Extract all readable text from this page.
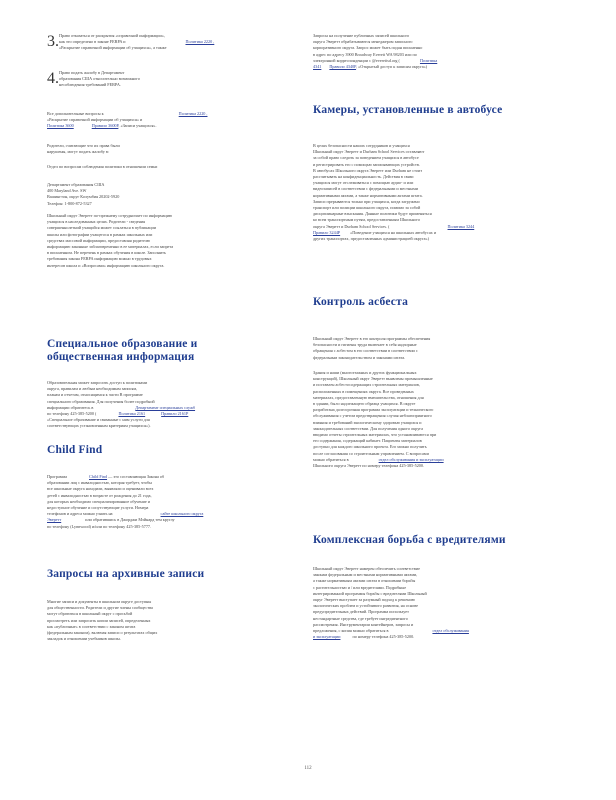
3. Право отказаться от раскрытия «справочной информации»,

как это определено в законе FERPA и	Политика 2220 ,

«Раскрытие справочной информации об учащихся», а также

4. Право подать жалобу в Департамент

образования США относительно возможного

несоблюдения требований FERPA.

Все дополнительные вопросы к	Политика 2220 ,

«Раскрытие справочной информации об учащихся» и

Политика 3600	Правило 3600P, «Записи учащихся».

Родители, считающие что их права были

нарушены, могут подать жалобу в:

Отдел по вопросам соблюдения политики в отношении семьи

Департамент образования США

400 Maryland Ave. SW

Вашингтон, округ Колумбия 20202-5920

Телефон: 1-800-872-5327

Школьный округ Эверетт по-прежнему сотрудничает по информацию

учащихся в наследованных целях. Родители - сведения

совершеннолетний учащийся может ссылаться в публикации

школы или фотографии учащегося в рамках школьных или

средствах массовой информации, предоставляя родителю

информацию законные заблаговременно в ее материалах, если запрета

в письменном. Не перечень в рамках обучения в школе. Заполнить

требования закона FERPA информацию можно в трудовых

интересов школа и «Вопросами» информацию школьного округа.

Специальное образование и
общественная информация

Образовательная может запросить доступ к политиками

округа, правилам и любым необходимым записям,

планам и отчетам, относящимся к части В программе

специального образования. Для получения более подробной

информации обратитесь в	Департамент специальных служб

по телефону 425-385-5200 (	Политика 2161	Правило 2161P

«Специальное образование и связанные с ним услуги для

соответствующих установленным критериям учащихся»).

Child Find

Программа	Child Find — это составляющая Закона об

образовании лиц с инвалидностью, которая требует, чтобы

все школьные округа находили, выявляли и оценивали всех

детей с инвалидностью в возрасте от рождения до 21 года,

для которых необходимо специализированное обучение и

недоступное обучение и сопутствующие услуги. Номера

телефонов и адреса можно узнать на	сайте школьного округа

Эверетт	или обратившись в Джорджи Мэйнард тем круглу

по телефону (Lynnwood) и/или по телефону 425-385-5777.

Запросы на архивные записи

Многие записи и документы в школьном округе доступны

для общественности. Родители и другие члены сообщества

могут обратиться в школьный округ с просьбой

просмотреть или запросить копии записей, определенных

как «публичные» в соответствии с законом штата

(федеральным законом), включая записи о результатах общих

закладок и отношении учебников школы.

Запросы на получение публичных записей школьного

округа Эверетт обрабатываются менеджером записного

корпоративного округа. Запрос может быть подан письменно

в адрес по адресу 3900 Broadway Everett WA 98203 или по

электронной корреспонденции с @everettsd.org (	Политика

4341 Правило 4340P, «Открытый доступ к записям округа»)

Камеры, установленные в автобусе

В целях безопасности наших сотрудников и учащихся

Школьный округ Эверетт и Durham School Services оставляют

за собой право следить за поведением учащихся в автобусе

и регистрировать его с помощью записывающих устройств.

В автобусах Школьного округа Эверетт или Durham не стоит

рассчитывать на конфиденциальность. Действия в связи

учащихся могут отслеживаться с помощью аудио- и или

видеозаписей в соответствии с федеральными и местными

нормативными актами, а также нормативными актами штата.

Записи прерываются только при учащихся, когда загружено

транспорт или полиции школьного округа, помимо за собой

дисциплинарные взыскания. Данные политики будут применяться

ко всем транспортным путям, предоставленным Школьного

округа Эверетт и Durham School Services. (	Политика 3244

Правило 3244P «Поведение учащихся на школьных автобусах и

других транспортах, предоставленных администрацией округа»)

Контроль асбеста

Школьный округ Эверетт в его контроля программы обеспечения

безопасности и гигиены труда включает в себя надзорные

обращения с асбестом в его соответствии в соответствии с

федеральным законодательством и законами штата.

Здания и наши (многоэтажных и других функциональных

конструкций), Школьный округ Эверетт выявлены промышленные

и поставлен асбестосодержащих строительных материалов,

расположенных в помещениях округа. Все проведенных

материалах, предоставленную вмешательства, отношения для

в здании, было надлежащего образца учащихся. В округе

разработана долгосрочная программа эксплуатации и технического

обслуживания с учетом предотвращения случая неблагоприятного

влияния и требований экологическому здоровью учащихся и

законодательных соответствии. Для получения одного округа

вводимо отчеты строительных материалах, что устанавливаются при

его содержания, содержащий кабинет. Пациенты материалов

доступно для каждого школьного проекта. Его можно получить

после согласования со строительным управлением. С вопросами

можно обратиться в	отдел обслуживания и эксплуатации

Школьного округа Эверетт по номеру телефона 425-385-5200.

Комплексная борьба с вредителями

Школьный округ Эверетт намерен обеспечить соответствие

законам федеральным и местными нормативными актами,

а также нормативным актами штата в отношении борьбы

с растительностью и / или вредителями. Подробные

интегрированной программы борьбы с вредителями Школьный

округ Эверетт выступает за разумный подход к решению

экологических проблем и устойчивого развития, на основе

предупредительных действий. Программа использует

нестандартные средства, где требует ингредиентного

рассмотрения. Инструментарии контейнеров, запросы и

предложения, с копия можно обратиться в	отдел обслуживания

и эксплуатации	по номеру телефона 425-385-5200.

112
